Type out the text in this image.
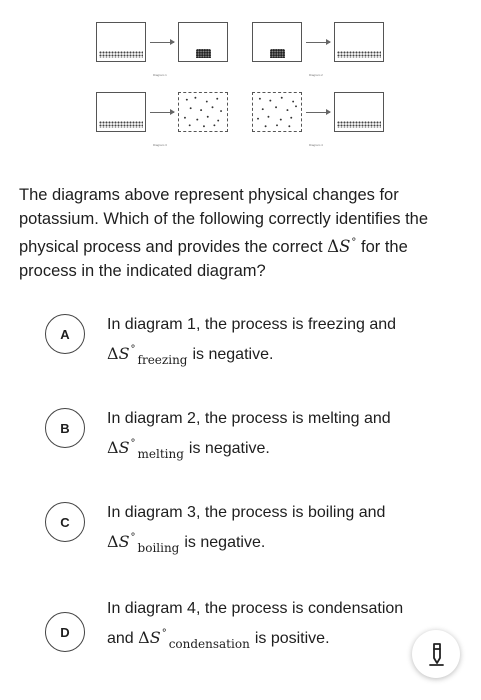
Diagram 1	Diagram 2
Diagram 3	Diagram 4
The diagrams above represent physical changes for potassium. Which of the following correctly identifies the physical process and provides the correct ΔS° for the process in the indicated diagram?
A
In diagram 1, the process is freezing and
$\Delta S^\circ_{freezing}$ is negative.
B
In diagram 2, the process is melting and
$\Delta S^\circ_{melting}$ is negative.
C
In diagram 3, the process is boiling and
$\Delta S^\circ_{boiling}$ is negative.
D
In diagram 4, the process is condensation and $\Delta S^\circ_{condensation}$ is positive.
